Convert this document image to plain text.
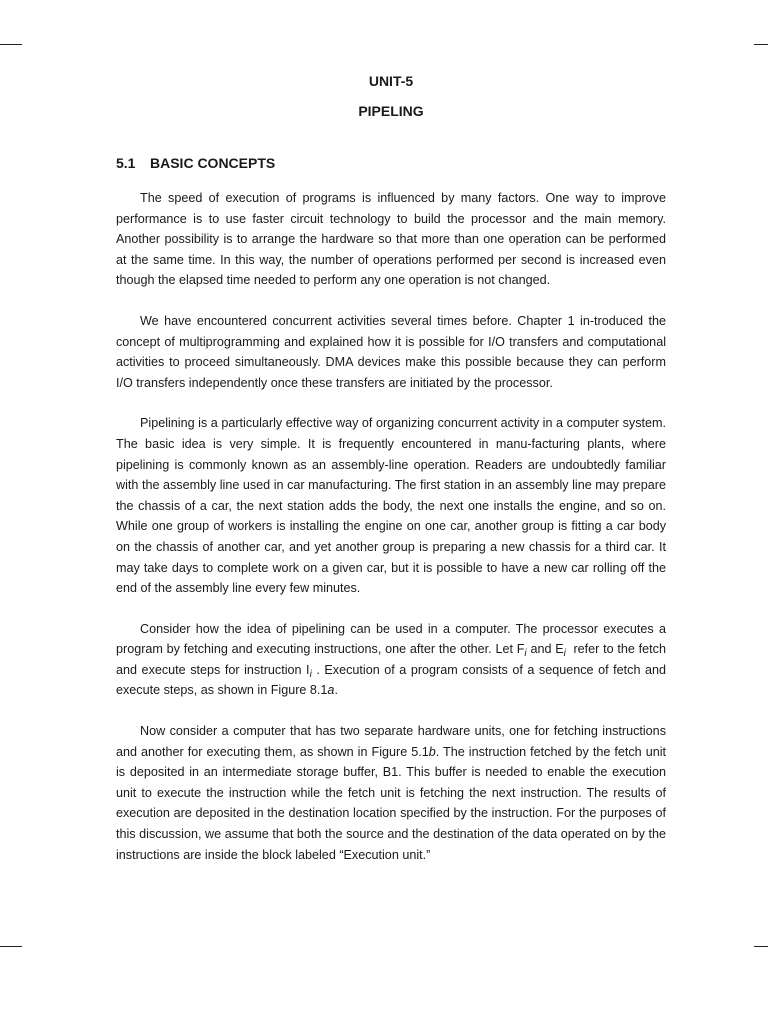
UNIT-5
PIPELING
5.1 BASIC CONCEPTS

The speed of execution of programs is influenced by many factors. One way to improve performance is to use faster circuit technology to build the processor and the main memory. Another possibility is to arrange the hardware so that more than one operation can be performed at the same time. In this way, the number of operations performed per second is increased even though the elapsed time needed to perform any one operation is not changed.

We have encountered concurrent activities several times before. Chapter 1 in-troduced the concept of multiprogramming and explained how it is possible for I/O transfers and computational activities to proceed simultaneously. DMA devices make this possible because they can perform I/O transfers independently once these transfers are initiated by the processor.

Pipelining is a particularly effective way of organizing concurrent activity in a computer system. The basic idea is very simple. It is frequently encountered in manu-facturing plants, where pipelining is commonly known as an assembly-line operation. Readers are undoubtedly familiar with the assembly line used in car manufacturing. The first station in an assembly line may prepare the chassis of a car, the next station adds the body, the next one installs the engine, and so on. While one group of workers is installing the engine on one car, another group is fitting a car body on the chassis of another car, and yet another group is preparing a new chassis for a third car. It may take days to complete work on a given car, but it is possible to have a new car rolling off the end of the assembly line every few minutes.

Consider how the idea of pipelining can be used in a computer. The processor executes a program by fetching and executing instructions, one after the other. Let $F_i$ and $E_i$ refer to the fetch and execute steps for instruction $I_i$ . Execution of a program consists of a sequence of fetch and execute steps, as shown in Figure 8.1a.

Now consider a computer that has two separate hardware units, one for fetching instructions and another for executing them, as shown in Figure 5.1b. The instruction fetched by the fetch unit is deposited in an intermediate storage buffer, B1. This buffer is needed to enable the execution unit to execute the instruction while the fetch unit is fetching the next instruction. The results of execution are deposited in the destination location specified by the instruction. For the purposes of this discussion, we assume that both the source and the destination of the data operated on by the instructions are inside the block labeled “Execution unit.”
